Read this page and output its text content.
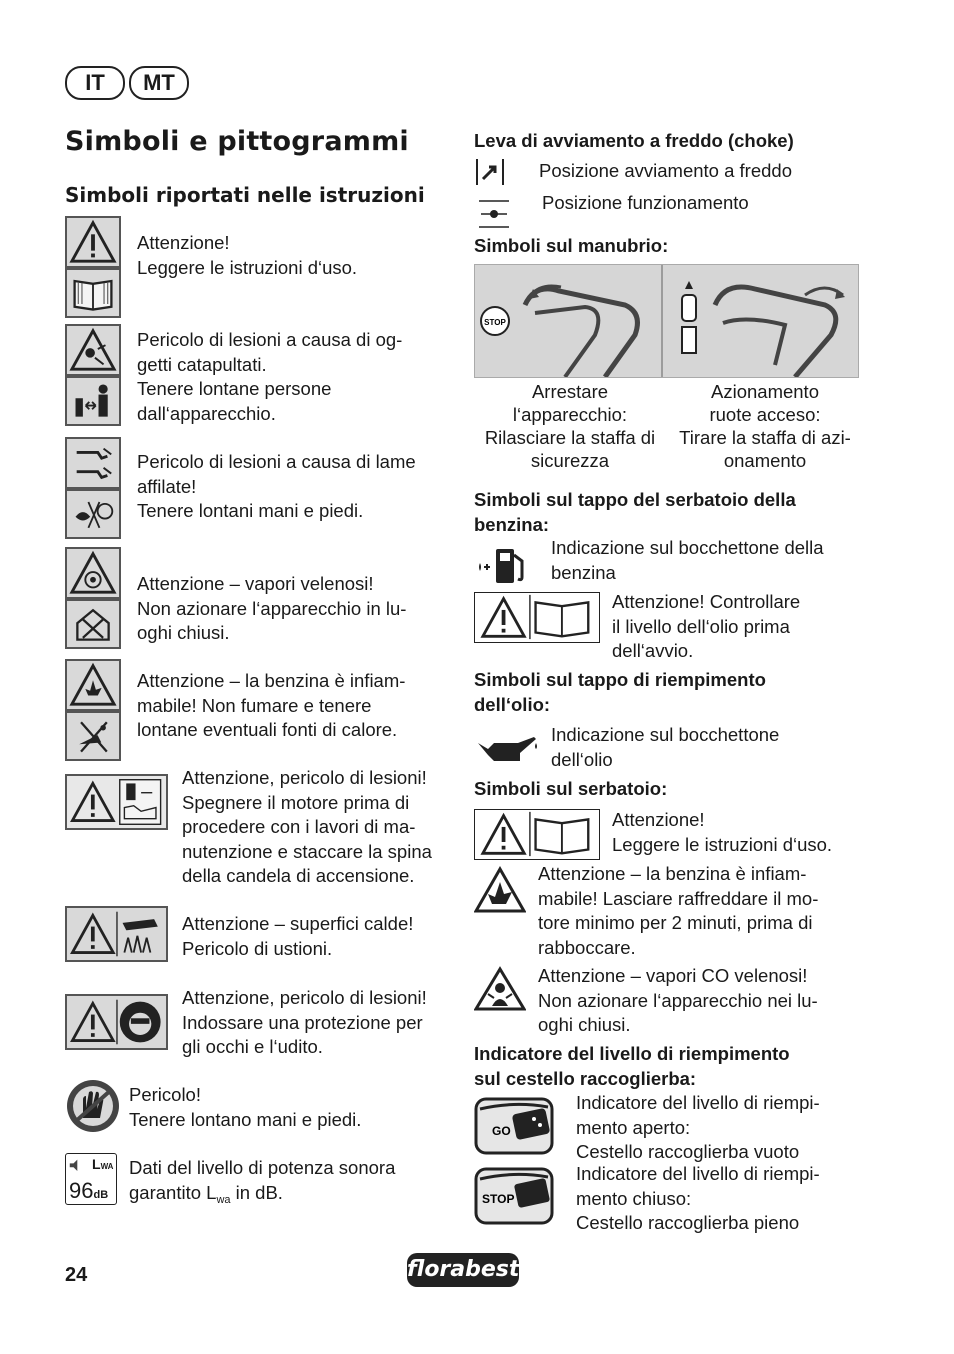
IT	MT
Simboli e pittogrammi
Simboli riportati nelle istruzioni
Attenzione!
Leggere le istruzioni d‘uso.
Pericolo di lesioni a causa di og-
getti catapultati.
Tenere lontane persone
dall‘apparecchio.
Pericolo di lesioni a causa di lame
affilate!
Tenere lontani mani e piedi.
Attenzione – vapori velenosi!
Non azionare l‘apparecchio in lu-
oghi chiusi.
Attenzione – la benzina è infiam-
mabile! Non fumare e tenere
lontane eventuali fonti di calore.
Attenzione, pericolo di lesioni!
Spegnere il motore prima di
procedere con i lavori di ma-
nutenzione e staccare la spina
della candela di accensione.
Attenzione – superfici calde!
Pericolo di ustioni.
Attenzione, pericolo di lesioni!
Indossare una protezione per
gli occhi e l‘udito.
Pericolo!
Tenere lontano mani e piedi.
LWA
96dB
Dati del livello di potenza sonora
garantito $L_{wa}$ in dB.
Leva di avviamento a freddo (choke)
Posizione avviamento a freddo
Posizione funzionamento
Simboli sul manubrio:
STOP
Arrestare
l‘apparecchio:
Rilasciare la staffa di
sicurezza
Azionamento
ruote acceso:
Tirare la staffa di azi-
onamento
Simboli sul tappo del serbatoio della
benzina:
Indicazione sul bocchettone della
benzina
Attenzione! Controllare
il livello dell‘olio prima
dell‘avvio.
Simboli sul tappo di riempimento
dell‘olio:
Indicazione sul bocchettone
dell‘olio
Simboli sul serbatoio:
Attenzione!
Leggere le istruzioni d‘uso.
Attenzione – la benzina è infiam-
mabile! Lasciare raffreddare il mo-
tore minimo per 2 minuti, prima di
rabboccare.
Attenzione – vapori CO velenosi!
Non azionare l‘apparecchio nei lu-
oghi chiusi.
Indicatore del livello di riempimento
sul cestello raccoglierba:
GO
Indicatore del livello di riempi-
mento aperto:
Cestello raccoglierba vuoto
STOP
Indicatore del livello di riempi-
mento chiuso:
Cestello raccoglierba pieno
24	florabest
